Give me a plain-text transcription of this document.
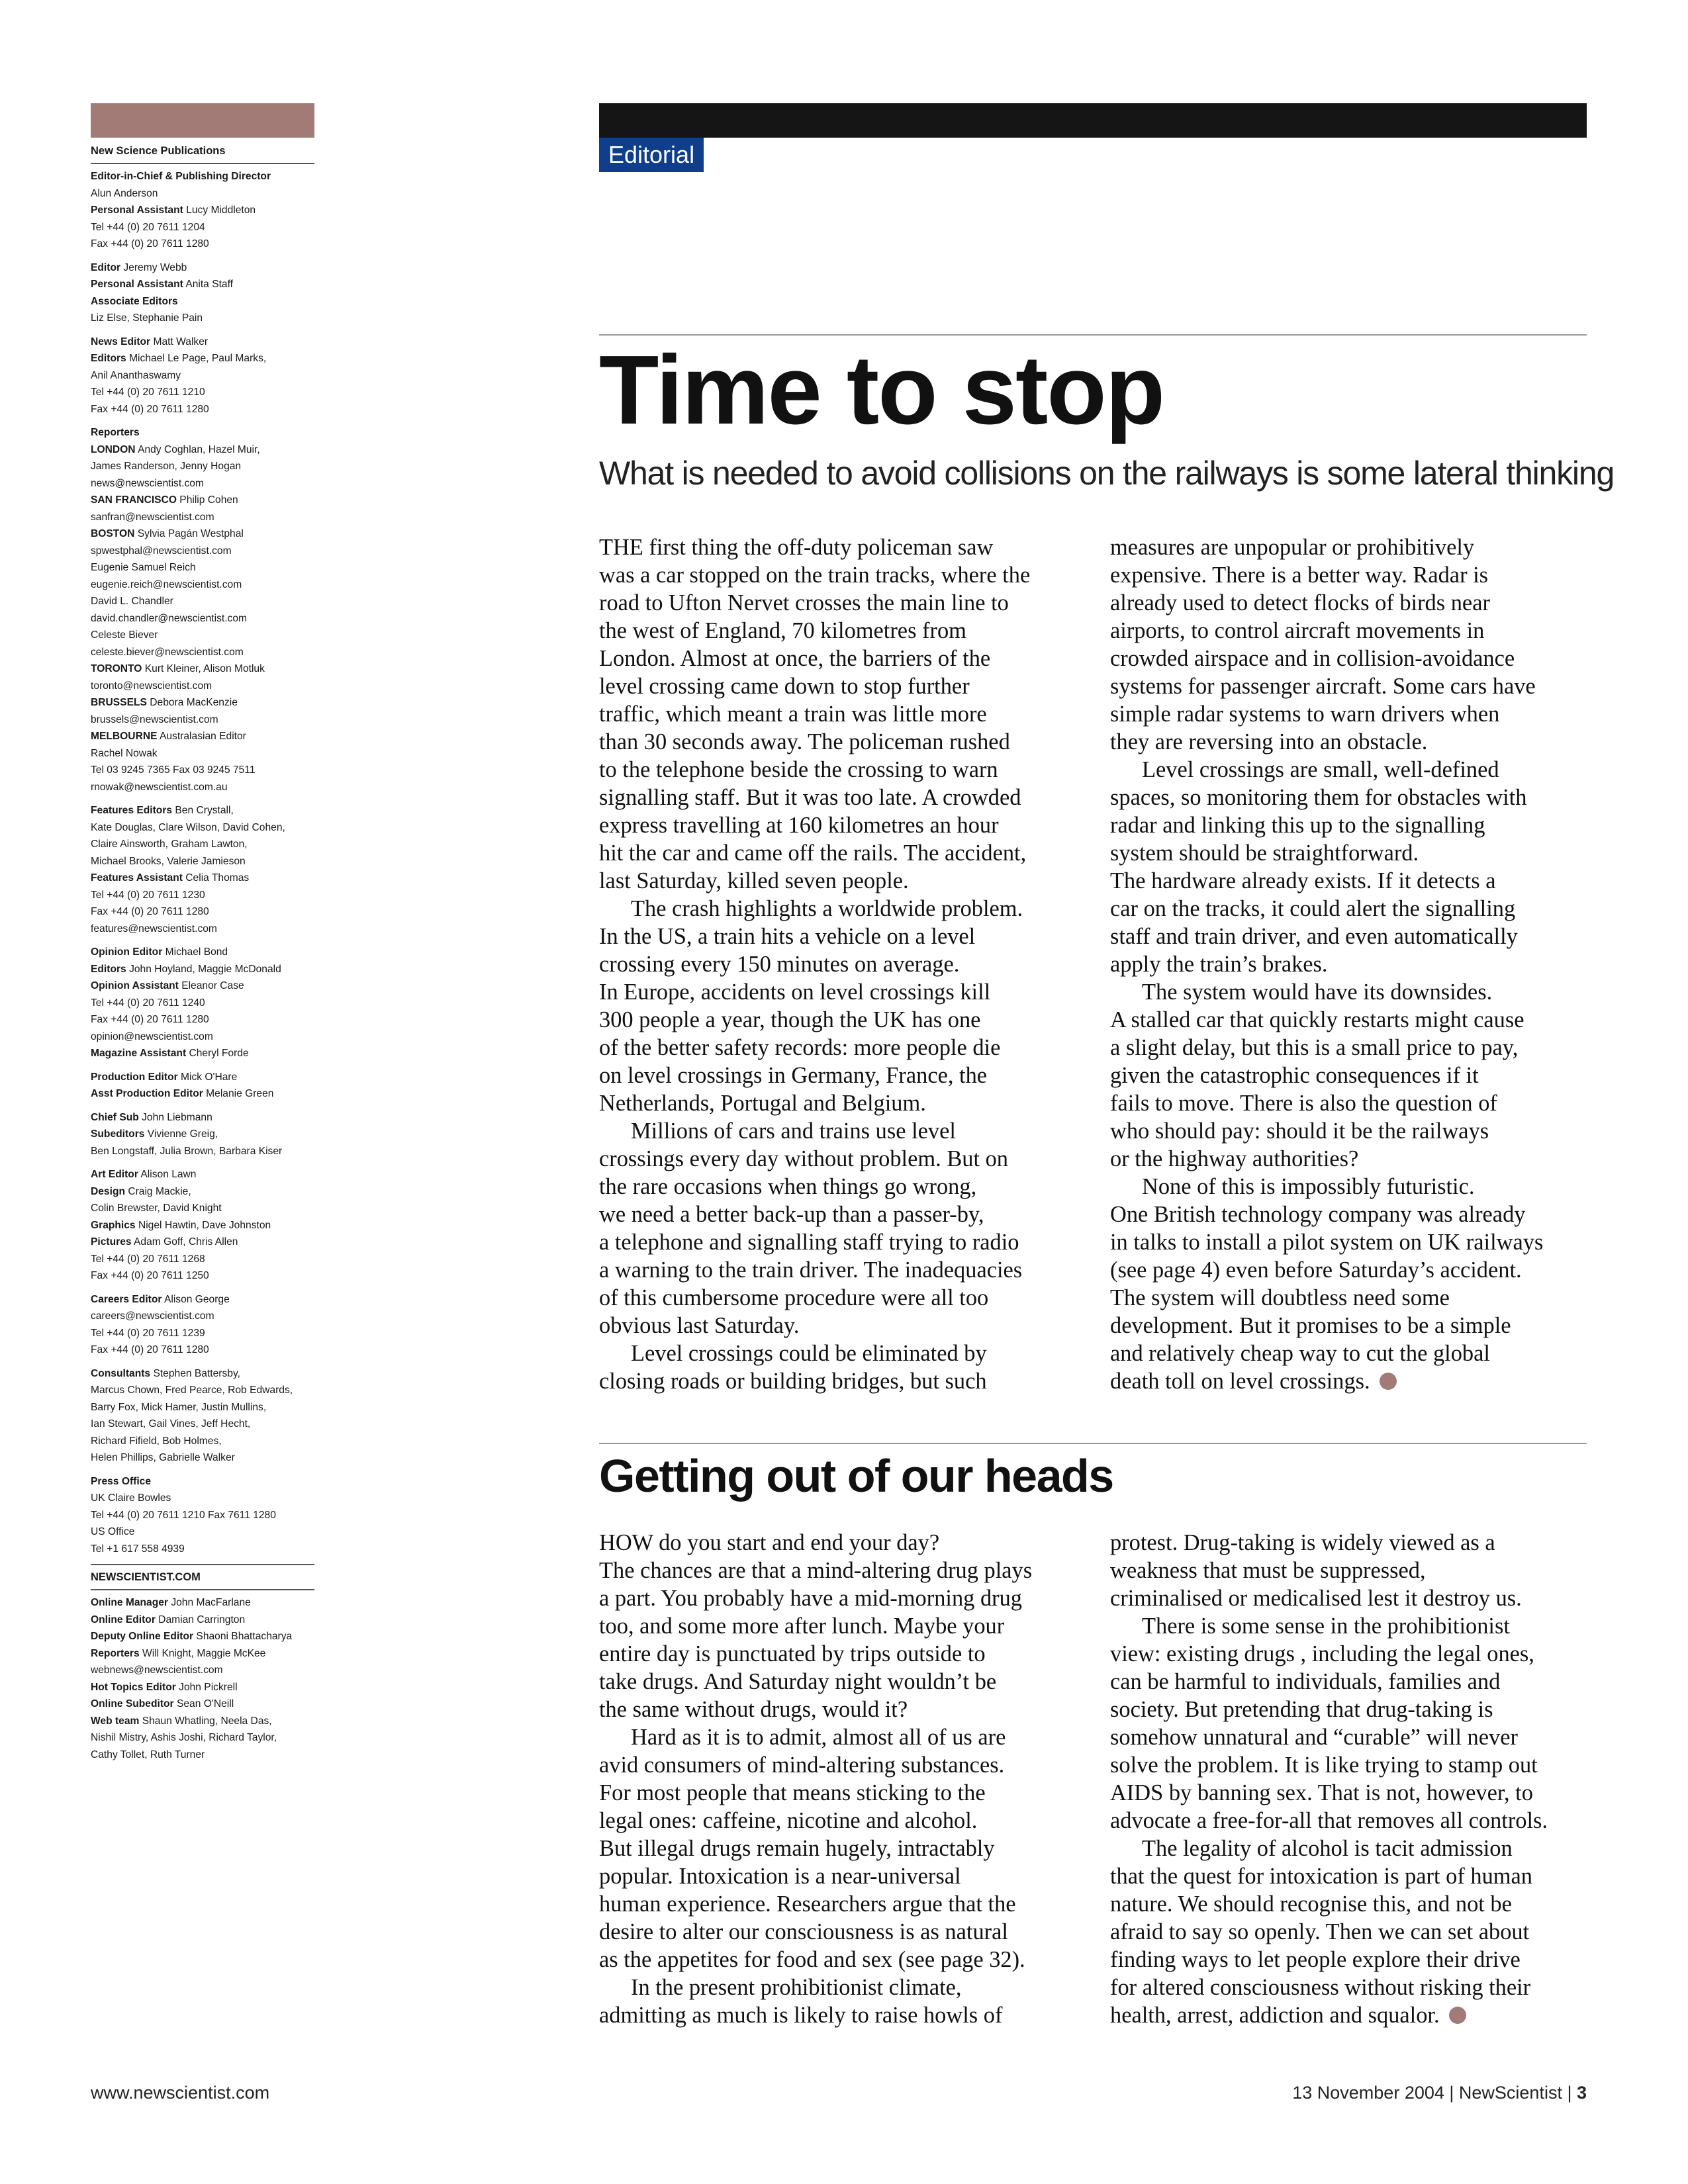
New Science Publications
Editor-in-Chief & Publishing Director
Alun Anderson
Personal Assistant Lucy Middleton
Tel +44 (0) 20 7611 1204
Fax +44 (0) 20 7611 1280
Editor Jeremy Webb
Personal Assistant Anita Staff
Associate Editors
Liz Else, Stephanie Pain
News Editor Matt Walker
Editors Michael Le Page, Paul Marks,
Anil Ananthaswamy
Tel +44 (0) 20 7611 1210
Fax +44 (0) 20 7611 1280
Reporters
LONDON Andy Coghlan, Hazel Muir,
James Randerson, Jenny Hogan
news@newscientist.com
SAN FRANCISCO Philip Cohen
sanfran@newscientist.com
BOSTON Sylvia Pagán Westphal
spwestphal@newscientist.com
Eugenie Samuel Reich
eugenie.reich@newscientist.com
David L. Chandler
david.chandler@newscientist.com
Celeste Biever
celeste.biever@newscientist.com
TORONTO Kurt Kleiner, Alison Motluk
toronto@newscientist.com
BRUSSELS Debora MacKenzie
brussels@newscientist.com
MELBOURNE Australasian Editor
Rachel Nowak
Tel 03 9245 7365 Fax 03 9245 7511
rnowak@newscientist.com.au
Features Editors Ben Crystall,
Kate Douglas, Clare Wilson, David Cohen,
Claire Ainsworth, Graham Lawton,
Michael Brooks, Valerie Jamieson
Features Assistant Celia Thomas
Tel +44 (0) 20 7611 1230
Fax +44 (0) 20 7611 1280
features@newscientist.com
Opinion Editor Michael Bond
Editors John Hoyland, Maggie McDonald
Opinion Assistant Eleanor Case
Tel +44 (0) 20 7611 1240
Fax +44 (0) 20 7611 1280
opinion@newscientist.com
Magazine Assistant Cheryl Forde
Production Editor Mick O'Hare
Asst Production Editor Melanie Green
Chief Sub John Liebmann
Subeditors Vivienne Greig,
Ben Longstaff, Julia Brown, Barbara Kiser
Art Editor Alison Lawn
Design Craig Mackie,
Colin Brewster, David Knight
Graphics Nigel Hawtin, Dave Johnston
Pictures Adam Goff, Chris Allen
Tel +44 (0) 20 7611 1268
Fax +44 (0) 20 7611 1250
Careers Editor Alison George
careers@newscientist.com
Tel +44 (0) 20 7611 1239
Fax +44 (0) 20 7611 1280
Consultants Stephen Battersby,
Marcus Chown, Fred Pearce, Rob Edwards,
Barry Fox, Mick Hamer, Justin Mullins,
Ian Stewart, Gail Vines, Jeff Hecht,
Richard Fifield, Bob Holmes,
Helen Phillips, Gabrielle Walker
Press Office
UK Claire Bowles
Tel +44 (0) 20 7611 1210 Fax 7611 1280
US Office
Tel +1 617 558 4939
NEWSCIENTIST.COM
Online Manager John MacFarlane
Online Editor Damian Carrington
Deputy Online Editor Shaoni Bhattacharya
Reporters Will Knight, Maggie McKee
webnews@newscientist.com
Hot Topics Editor John Pickrell
Online Subeditor Sean O'Neill
Web team Shaun Whatling, Neela Das,
Nishil Mistry, Ashis Joshi, Richard Taylor,
Cathy Tollet, Ruth Turner
Editorial
Time to stop
What is needed to avoid collisions on the railways is some lateral thinking

THE first thing the off-duty policeman saw

was a car stopped on the train tracks, where the

road to Ufton Nervet crosses the main line to

the west of England, 70 kilometres from

London. Almost at once, the barriers of the

level crossing came down to stop further

traffic, which meant a train was little more

than 30 seconds away. The policeman rushed

to the telephone beside the crossing to warn

signalling staff. But it was too late. A crowded

express travelling at 160 kilometres an hour

hit the car and came off the rails. The accident,

last Saturday, killed seven people.

The crash highlights a worldwide problem.

In the US, a train hits a vehicle on a level

crossing every 150 minutes on average.

In Europe, accidents on level crossings kill

300 people a year, though the UK has one

of the better safety records: more people die

on level crossings in Germany, France, the

Netherlands, Portugal and Belgium.

Millions of cars and trains use level

crossings every day without problem. But on

the rare occasions when things go wrong,

we need a better back-up than a passer-by,

a telephone and signalling staff trying to radio

a warning to the train driver. The inadequacies

of this cumbersome procedure were all too

obvious last Saturday.

Level crossings could be eliminated by

closing roads or building bridges, but such

measures are unpopular or prohibitively

expensive. There is a better way. Radar is

already used to detect flocks of birds near

airports, to control aircraft movements in

crowded airspace and in collision-avoidance

systems for passenger aircraft. Some cars have

simple radar systems to warn drivers when

they are reversing into an obstacle.

Level crossings are small, well-defined

spaces, so monitoring them for obstacles with

radar and linking this up to the signalling

system should be straightforward.

The hardware already exists. If it detects a

car on the tracks, it could alert the signalling

staff and train driver, and even automatically

apply the train’s brakes.

The system would have its downsides.

A stalled car that quickly restarts might cause

a slight delay, but this is a small price to pay,

given the catastrophic consequences if it

fails to move. There is also the question of

who should pay: should it be the railways

or the highway authorities?

None of this is impossibly futuristic.

One British technology company was already

in talks to install a pilot system on UK railways

(see page 4) even before Saturday’s accident.

The system will doubtless need some

development. But it promises to be a simple

and relatively cheap way to cut the global

death toll on level crossings.

Getting out of our heads

HOW do you start and end your day?

The chances are that a mind-altering drug plays

a part. You probably have a mid-morning drug

too, and some more after lunch. Maybe your

entire day is punctuated by trips outside to

take drugs. And Saturday night wouldn’t be

the same without drugs, would it?

Hard as it is to admit, almost all of us are

avid consumers of mind-altering substances.

For most people that means sticking to the

legal ones: caffeine, nicotine and alcohol.

But illegal drugs remain hugely, intractably

popular. Intoxication is a near-universal

human experience. Researchers argue that the

desire to alter our consciousness is as natural

as the appetites for food and sex (see page 32).

In the present prohibitionist climate,

admitting as much is likely to raise howls of

protest. Drug-taking is widely viewed as a

weakness that must be suppressed,

criminalised or medicalised lest it destroy us.

There is some sense in the prohibitionist

view: existing drugs , including the legal ones,

can be harmful to individuals, families and

society. But pretending that drug-taking is

somehow unnatural and “curable” will never

solve the problem. It is like trying to stamp out

AIDS by banning sex. That is not, however, to

advocate a free-for-all that removes all controls.

The legality of alcohol is tacit admission

that the quest for intoxication is part of human

nature. We should recognise this, and not be

afraid to say so openly. Then we can set about

finding ways to let people explore their drive

for altered consciousness without risking their

health, arrest, addiction and squalor.

www.newscientist.com	13 November 2004 | NewScientist | 3
